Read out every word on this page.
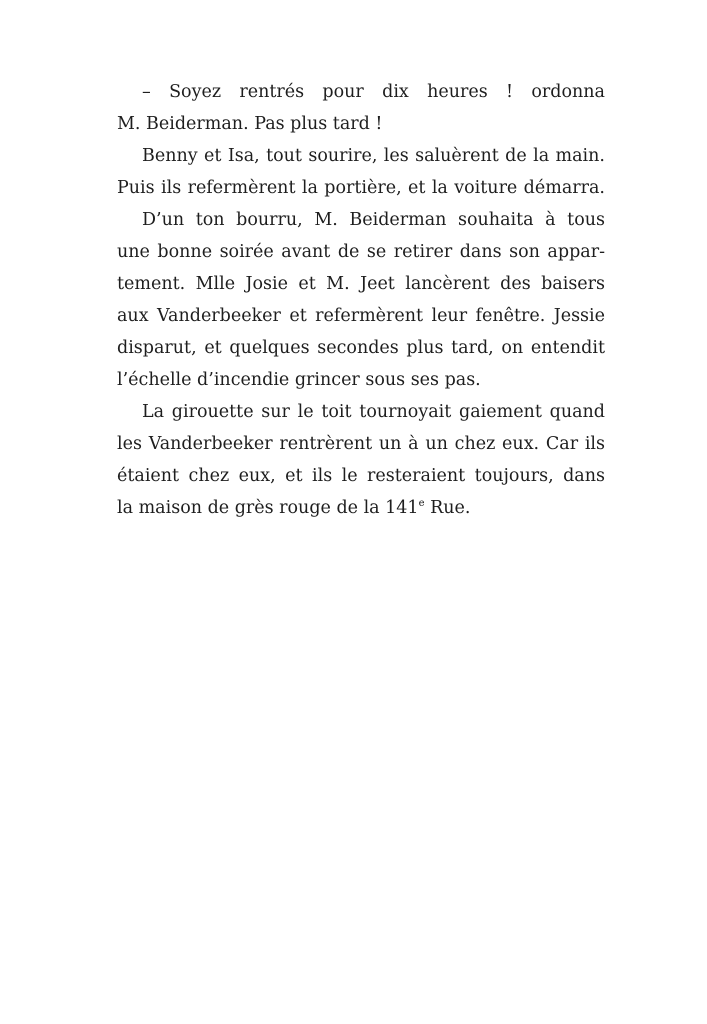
– Soyez rentrés pour dix heures ! ordonna
M. Beiderman. Pas plus tard !

Benny et Isa, tout sourire, les saluèrent de la main.
Puis ils refermèrent la portière, et la voiture démarra.

D’un ton bourru, M. Beiderman souhaita à tous
une bonne soirée avant de se retirer dans son appar-
tement. Mlle Josie et M. Jeet lancèrent des baisers
aux Vanderbeeker et refermèrent leur fenêtre. Jessie
disparut, et quelques secondes plus tard, on entendit
l’échelle d’incendie grincer sous ses pas.

La girouette sur le toit tournoyait gaiement quand
les Vanderbeeker rentrèrent un à un chez eux. Car ils
étaient chez eux, et ils le resteraient toujours, dans
la maison de grès rouge de la 141e Rue.
